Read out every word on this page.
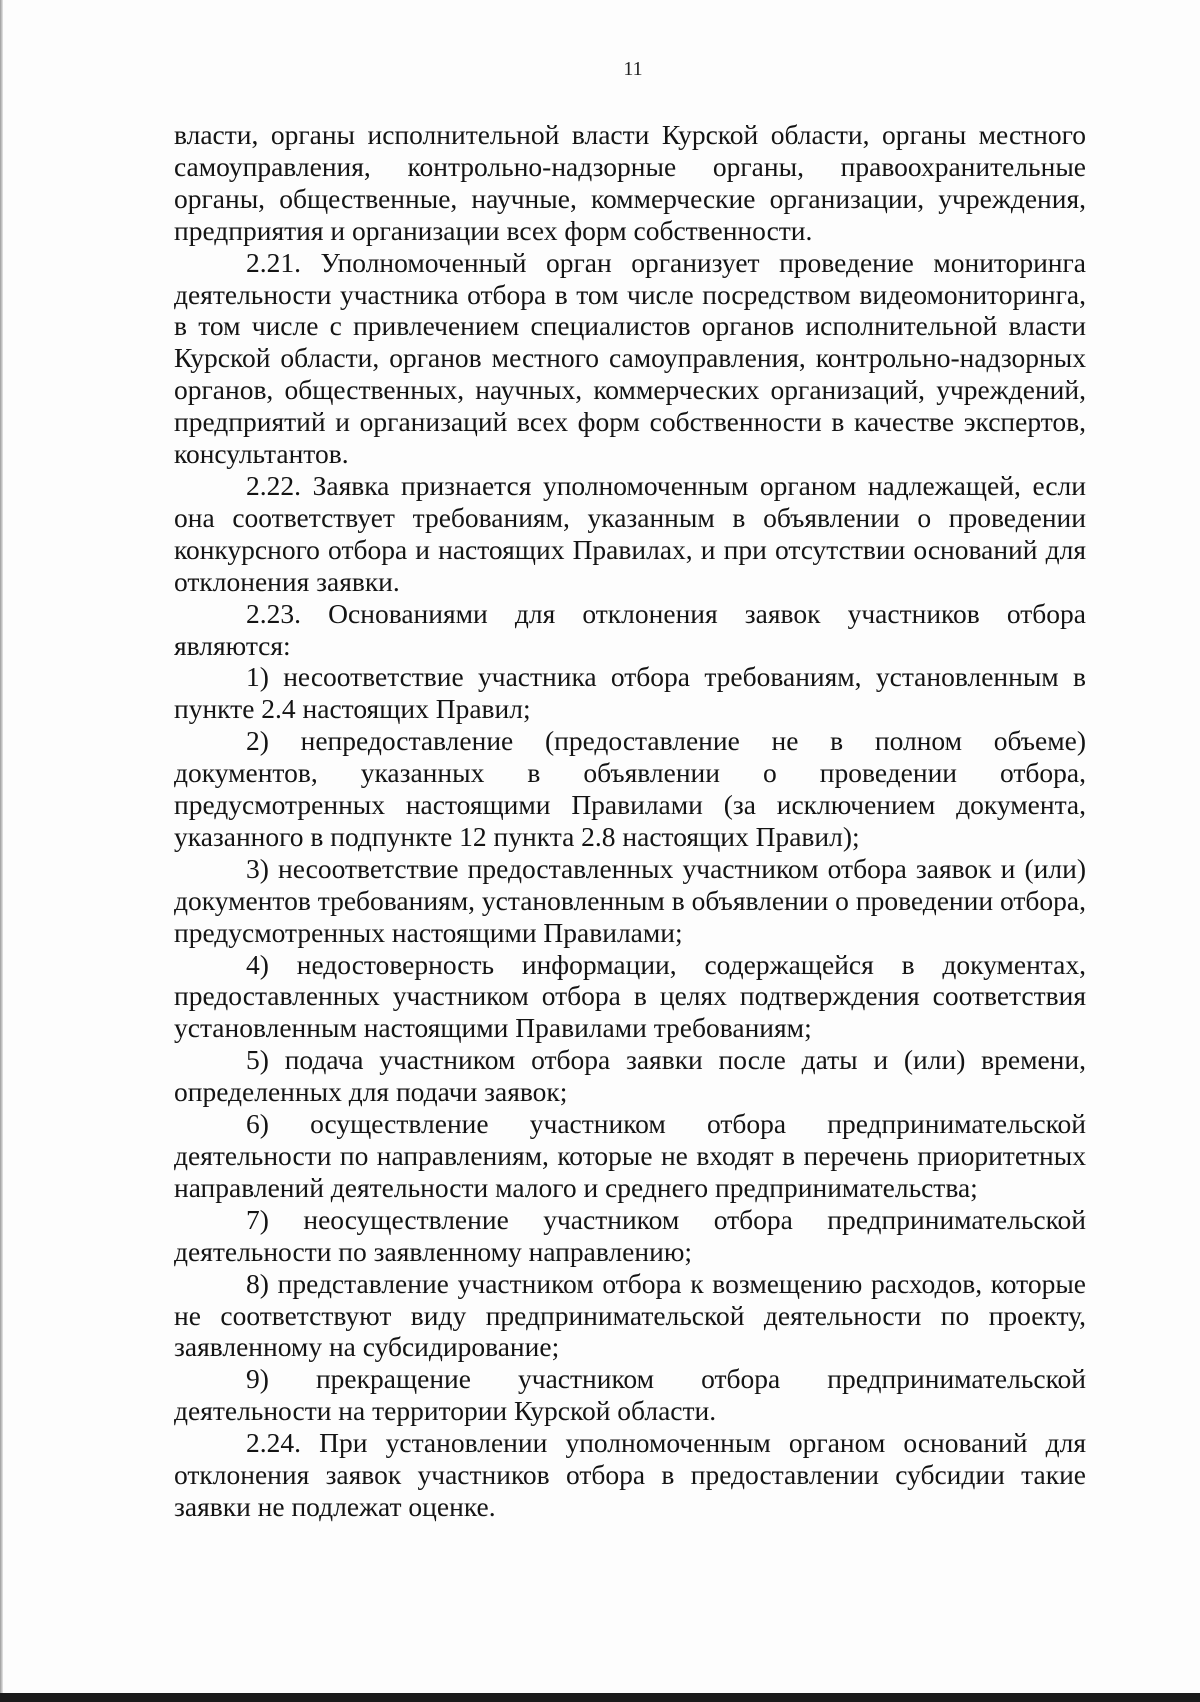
11

власти, органы исполнительной власти Курской области, органы местного самоуправления, контрольно-надзорные органы, правоохранительные органы, общественные, научные, коммерческие организации, учреждения, предприятия и организации всех форм собственности.

2.21. Уполномоченный орган организует проведение мониторинга деятельности участника отбора в том числе посредством видеомониторинга, в том числе с привлечением специалистов органов исполнительной власти Курской области, органов местного самоуправления, контрольно-надзорных органов, общественных, научных, коммерческих организаций, учреждений, предприятий и организаций всех форм собственности в качестве экспертов, консультантов.

2.22. Заявка признается уполномоченным органом надлежащей, если она соответствует требованиям, указанным в объявлении о проведении конкурсного отбора и настоящих Правилах, и при отсутствии оснований для отклонения заявки.

2.23. Основаниями для отклонения заявок участников отбора являются:

1) несоответствие участника отбора требованиям, установленным в пункте 2.4 настоящих Правил;

2) непредоставление (предоставление не в полном объеме) документов, указанных в объявлении о проведении отбора, предусмотренных настоящими Правилами (за исключением документа, указанного в подпункте 12 пункта 2.8 настоящих Правил);

3) несоответствие предоставленных участником отбора заявок и (или) документов требованиям, установленным в объявлении о проведении отбора, предусмотренных настоящими Правилами;

4) недостоверность информации, содержащейся в документах, предоставленных участником отбора в целях подтверждения соответствия установленным настоящими Правилами требованиям;

5) подача участником отбора заявки после даты и (или) времени, определенных для подачи заявок;

6) осуществление участником отбора предпринимательской деятельности по направлениям, которые не входят в перечень приоритетных направлений деятельности малого и среднего предпринимательства;

7) неосуществление участником отбора предпринимательской деятельности по заявленному направлению;

8) представление участником отбора к возмещению расходов, которые не соответствуют виду предпринимательской деятельности по проекту, заявленному на субсидирование;

9) прекращение участником отбора предпринимательской деятельности на территории Курской области.

2.24. При установлении уполномоченным органом оснований для отклонения заявок участников отбора в предоставлении субсидии такие заявки не подлежат оценке.
